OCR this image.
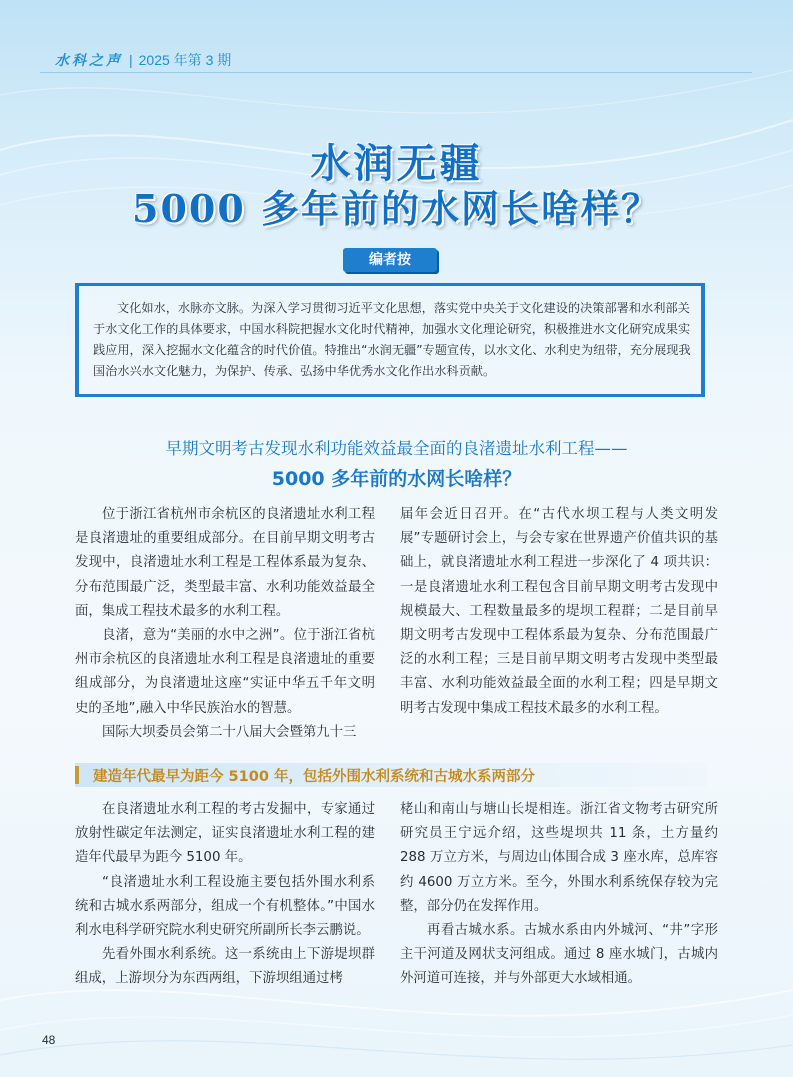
水科之声 | 2025 年第 3 期
水润无疆
5000 多年前的水网长啥样？
编者按
文化如水，水脉亦文脉。为深入学习贯彻习近平文化思想，落实党中央关于文化建设的决策部署和水利部关于水文化工作的具体要求，中国水科院把握水文化时代精神，加强水文化理论研究，积极推进水文化研究成果实践应用，深入挖掘水文化蕴含的时代价值。特推出“水润无疆”专题宣传，以水文化、水利史为纽带，充分展现我国治水兴水文化魅力，为保护、传承、弘扬中华优秀水文化作出水科贡献。
早期文明考古发现水利功能效益最全面的良渚遗址水利工程——
5000 多年前的水网长啥样？

位于浙江省杭州市余杭区的良渚遗址水利工程是良渚遗址的重要组成部分。在目前早期文明考古发现中，良渚遗址水利工程是工程体系最为复杂、分布范围最广泛，类型最丰富、水利功能效益最全面，集成工程技术最多的水利工程。

良渚，意为“美丽的水中之洲”。位于浙江省杭州市余杭区的良渚遗址水利工程是良渚遗址的重要组成部分，为良渚遗址这座“实证中华五千年文明史的圣地”,融入中华民族治水的智慧。

国际大坝委员会第二十八届大会暨第九十三

届年会近日召开。在“古代水坝工程与人类文明发展”专题研讨会上，与会专家在世界遗产价值共识的基础上，就良渚遗址水利工程进一步深化了 4 项共识：一是良渚遗址水利工程包含目前早期文明考古发现中规模最大、工程数量最多的堤坝工程群；二是目前早期文明考古发现中工程体系最为复杂、分布范围最广泛的水利工程；三是目前早期文明考古发现中类型最丰富、水利功能效益最全面的水利工程；四是早期文明考古发现中集成工程技术最多的水利工程。

建造年代最早为距今 5100 年，包括外围水利系统和古城水系两部分

在良渚遗址水利工程的考古发掘中，专家通过放射性碳定年法测定，证实良渚遗址水利工程的建造年代最早为距今 5100 年。

“良渚遗址水利工程设施主要包括外围水利系统和古城水系两部分，组成一个有机整体。”中国水利水电科学研究院水利史研究所副所长李云鹏说。

先看外围水利系统。这一系统由上下游堤坝群组成，上游坝分为东西两组，下游坝组通过栲

栳山和南山与塘山长堤相连。浙江省文物考古研究所研究员王宁远介绍，这些堤坝共 11 条，土方量约 288 万立方米，与周边山体围合成 3 座水库，总库容约 4600 万立方米。至今，外围水利系统保存较为完整，部分仍在发挥作用。

再看古城水系。古城水系由内外城河、“井”字形主干河道及网状支河组成。通过 8 座水城门，古城内外河道可连接，并与外部更大水域相通。

48
